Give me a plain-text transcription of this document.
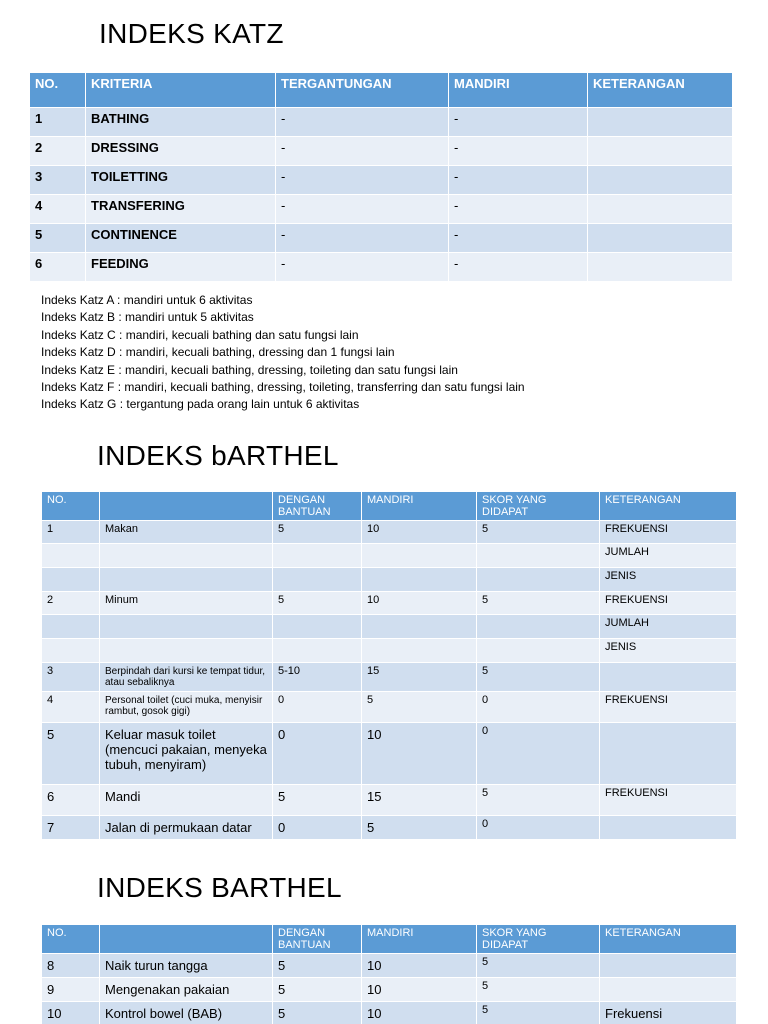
INDEKS KATZ
NO.	KRITERIA	TERGANTUNGAN	MANDIRI	KETERANGAN
1	BATHING	-	-	
2	DRESSING	-	-	
3	TOILETTING	-	-	
4	TRANSFERING	-	-	
5	CONTINENCE	-	-	
6	FEEDING	-	-	
Indeks Katz A : mandiri untuk 6 aktivitas
Indeks Katz B : mandiri untuk 5 aktivitas
Indeks Katz C : mandiri, kecuali bathing dan satu fungsi lain
Indeks Katz D : mandiri, kecuali bathing, dressing dan 1 fungsi lain
Indeks Katz E : mandiri, kecuali bathing, dressing, toileting dan satu fungsi lain
Indeks Katz F : mandiri, kecuali bathing, dressing, toileting, transferring dan satu fungsi lain
Indeks Katz G : tergantung pada orang lain untuk 6 aktivitas
INDEKS bARTHEL
NO.		DENGAN BANTUAN	MANDIRI	SKOR YANG DIDAPAT	KETERANGAN
1	Makan	5	10	5	FREKUENSI
					JUMLAH
					JENIS
2	Minum	5	10	5	FREKUENSI
					JUMLAH
					JENIS
3	Berpindah dari kursi ke tempat tidur, atau sebaliknya	5-10	15	5	
4	Personal toilet (cuci muka, menyisir rambut, gosok gigi)	0	5	0	FREKUENSI
5	Keluar masuk toilet (mencuci pakaian, menyeka tubuh, menyiram)	0	10	0	
6	Mandi	5	15	5	FREKUENSI
7	Jalan di permukaan datar	0	5	0	
INDEKS BARTHEL
NO.		DENGAN BANTUAN	MANDIRI	SKOR YANG DIDAPAT	KETERANGAN
8	Naik turun tangga	5	10	5	
9	Mengenakan pakaian	5	10	5	
10	Kontrol bowel (BAB)	5	10	5	Frekuensi
